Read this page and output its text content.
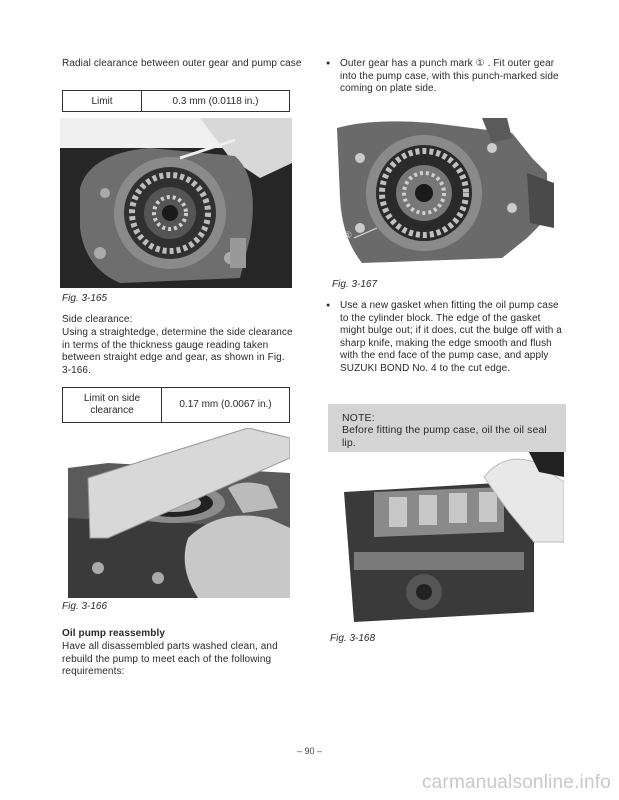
Radial clearance between outer gear and pump case
Limit	0.3 mm (0.0118 in.)
Fig. 3-165
Side clearance:
Using a straightedge, determine the side clearance in terms of the thickness gauge reading taken between straight edge and gear, as shown in Fig. 3-166.
Limit on side clearance	0.17 mm (0.0067 in.)
Fig. 3-166
Oil pump reassembly
Have all disassembled parts washed clean, and rebuild the pump to meet each of the following requirements:
● Outer gear has a punch mark ① . Fit outer gear into the pump case, with this punch-marked side coming on plate side.
①
Fig. 3-167
● Use a new gasket when fitting the oil pump case to the cylinder block. The edge of the gasket might bulge out; if it does, cut the bulge off with a sharp knife, making the edge smooth and flush with the end face of the pump case, and apply SUZUKI BOND No. 4 to the cut edge.
NOTE:
Before fitting the pump case, oil the oil seal lip.
Fig. 3-168
– 90 –
carmanualsonline.info
